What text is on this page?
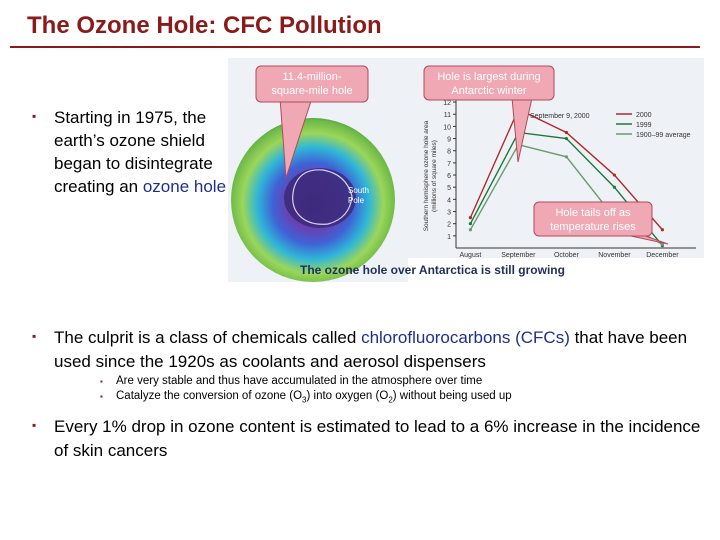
The Ozone Hole: CFC Pollution
▪ Starting in 1975, the earth’s ozone shield began to disintegrate creating an ozone hole	South
Pole
11.4-million-
square-mile hole
1
2
3
4
5
6
7
8
9
10
11
12
August	September	October	November December
Southern hemisphere ozone hole area (millions of square miles)
2000
1999
1900–99 average
September 9, 2000
Hole is largest during
Antarctic winter
Hole tails off as
temperature rises
The ozone hole over Antarctica is still growing
▪ The culprit is a class of chemicals called chlorofluorocarbons (CFCs) that have been used since the 1920s as coolants and aerosol dispensers
▪ Are very stable and thus have accumulated in the atmosphere over time
▪ Catalyze the conversion of ozone $(O_3)$ into oxygen $(O_2)$ without being used up
▪ Every 1% drop in ozone content is estimated to lead to a 6% increase in the incidence of skin cancers
